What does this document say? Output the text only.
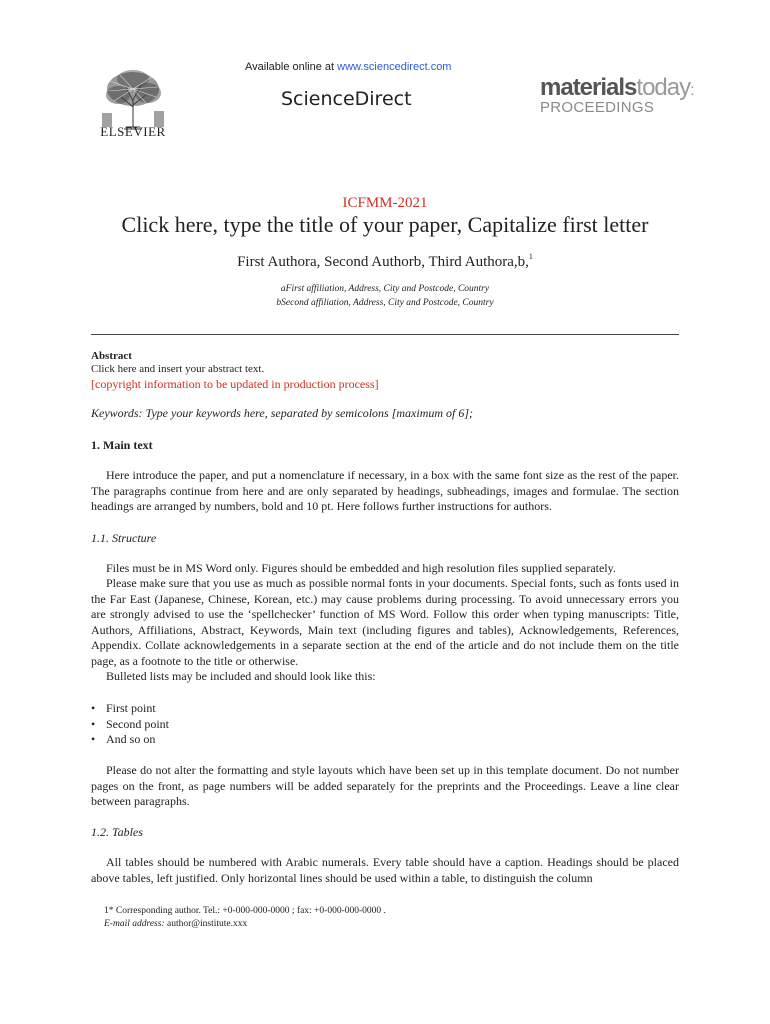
ELSEVIER
Available online at www.sciencedirect.com
ScienceDirect	materialstoday:
PROCEEDINGS
ICFMM-2021
Click here, type the title of your paper, Capitalize first letter
First Authora, Second Authorb, Third Authora,b,$^1$
aFirst affiliation, Address, City and Postcode, Country
bSecond affiliation, Address, City and Postcode, Country
Abstract
Click here and insert your abstract text.
[copyright information to be updated in production process]
Keywords: Type your keywords here, separated by semicolons [maximum of 6];
1. Main text

Here introduce the paper, and put a nomenclature if necessary, in a box with the same font size as the rest of the paper. The paragraphs continue from here and are only separated by headings, subheadings, images and formulae. The section headings are arranged by numbers, bold and 10 pt. Here follows further instructions for authors.

1.1. Structure

Files must be in MS Word only. Figures should be embedded and high resolution files supplied separately.

Please make sure that you use as much as possible normal fonts in your documents. Special fonts, such as fonts used in the Far East (Japanese, Chinese, Korean, etc.) may cause problems during processing. To avoid unnecessary errors you are strongly advised to use the ‘spellchecker’ function of MS Word. Follow this order when typing manuscripts: Title, Authors, Affiliations, Abstract, Keywords, Main text (including figures and tables), Acknowledgements, References, Appendix. Collate acknowledgements in a separate section at the end of the article and do not include them on the title page, as a footnote to the title or otherwise.

Bulleted lists may be included and should look like this:

• First point
• Second point
• And so on

Please do not alter the formatting and style layouts which have been set up in this template document. Do not number pages on the front, as page numbers will be added separately for the preprints and the Proceedings. Leave a line clear between paragraphs.

1.2. Tables

All tables should be numbered with Arabic numerals. Every table should have a caption. Headings should be placed above tables, left justified. Only horizontal lines should be used within a table, to distinguish the column

1* Corresponding author. Tel.: +0-000-000-0000 ; fax: +0-000-000-0000 .
E-mail address: author@institute.xxx
